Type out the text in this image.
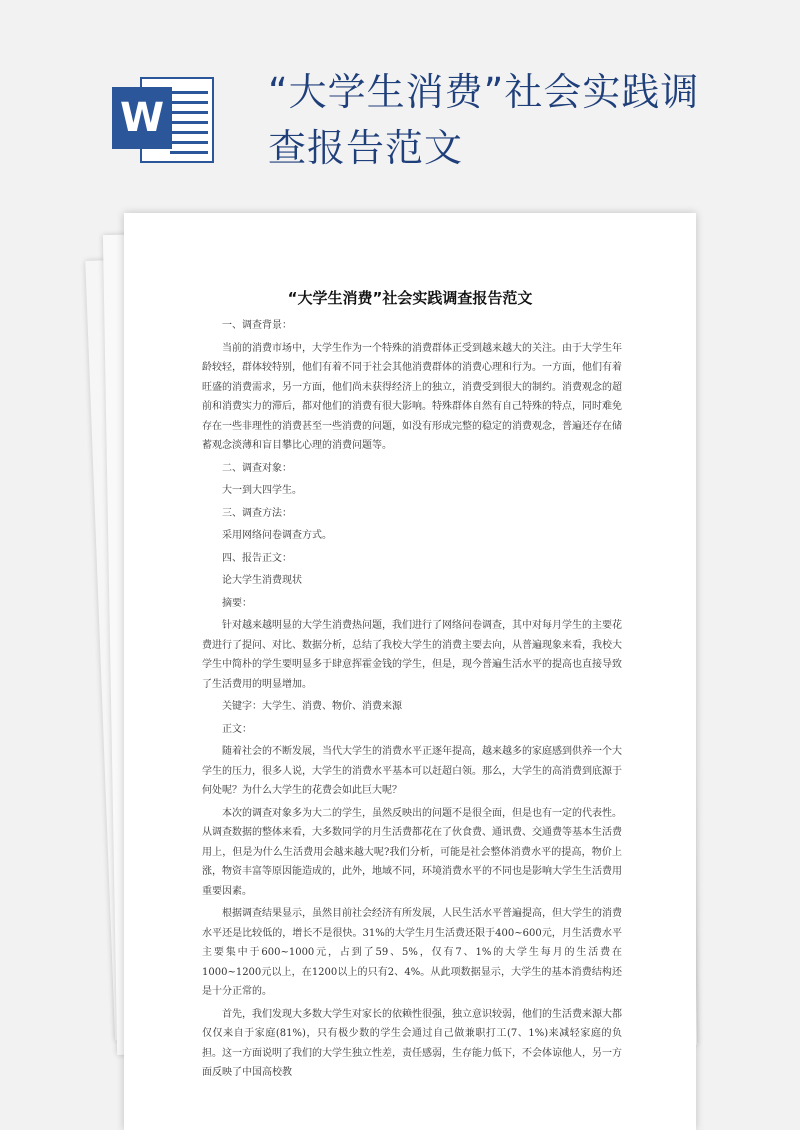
W
“大学生消费”社会实践调查报告范文
“大学生消费”社会实践调查报告范文

一、调查背景：

当前的消费市场中，大学生作为一个特殊的消费群体正受到越来越大的关注。由于大学生年龄较轻，群体较特别，他们有着不同于社会其他消费群体的消费心理和行为。一方面，他们有着旺盛的消费需求，另一方面，他们尚未获得经济上的独立，消费受到很大的制约。消费观念的超前和消费实力的滞后，都对他们的消费有很大影响。特殊群体自然有自己特殊的特点，同时难免存在一些非理性的消费甚至一些消费的问题，如没有形成完整的稳定的消费观念，普遍还存在储蓄观念淡薄和盲目攀比心理的消费问题等。

二、调查对象：

大一到大四学生。

三、调查方法：

采用网络问卷调查方式。

四、报告正文：

论大学生消费现状

摘要：

针对越来越明显的大学生消费热问题，我们进行了网络问卷调查，其中对每月学生的主要花费进行了提问、对比、数据分析，总结了我校大学生的消费主要去向，从普遍现象来看，我校大学生中简朴的学生要明显多于肆意挥霍金钱的学生，但是，现今普遍生活水平的提高也直接导致了生活费用的明显增加。

关键字：大学生、消费、物价、消费来源

正文：

随着社会的不断发展，当代大学生的消费水平正逐年提高，越来越多的家庭感到供养一个大学生的压力，很多人说，大学生的消费水平基本可以赶超白领。那么，大学生的高消费到底源于何处呢？为什么大学生的花费会如此巨大呢？

本次的调查对象多为大二的学生，虽然反映出的问题不是很全面，但是也有一定的代表性。从调查数据的整体来看，大多数同学的月生活费都花在了伙食费、通讯费、交通费等基本生活费用上，但是为什么生活费用会越来越大呢?我们分析，可能是社会整体消费水平的提高，物价上涨，物资丰富等原因能造成的，此外，地域不同，环境消费水平的不同也是影响大学生生活费用重要因素。

根据调查结果显示，虽然目前社会经济有所发展，人民生活水平普遍提高，但大学生的消费水平还是比较低的，增长不是很快。31%的大学生月生活费还限于400~600元，月生活费水平主要集中于600~1000元，占到了59、5%，仅有7、1%的大学生每月的生活费在1000~1200元以上，在1200以上的只有2、4%。从此项数据显示，大学生的基本消费结构还是十分正常的。

首先，我们发现大多数大学生对家长的依赖性很强，独立意识较弱，他们的生活费来源大都仅仅来自于家庭(81%)，只有极少数的学生会通过自己做兼职打工(7、1%)来减轻家庭的负担。这一方面说明了我们的大学生独立性差，责任感弱，生存能力低下，不会体谅他人，另一方面反映了中国高校教
